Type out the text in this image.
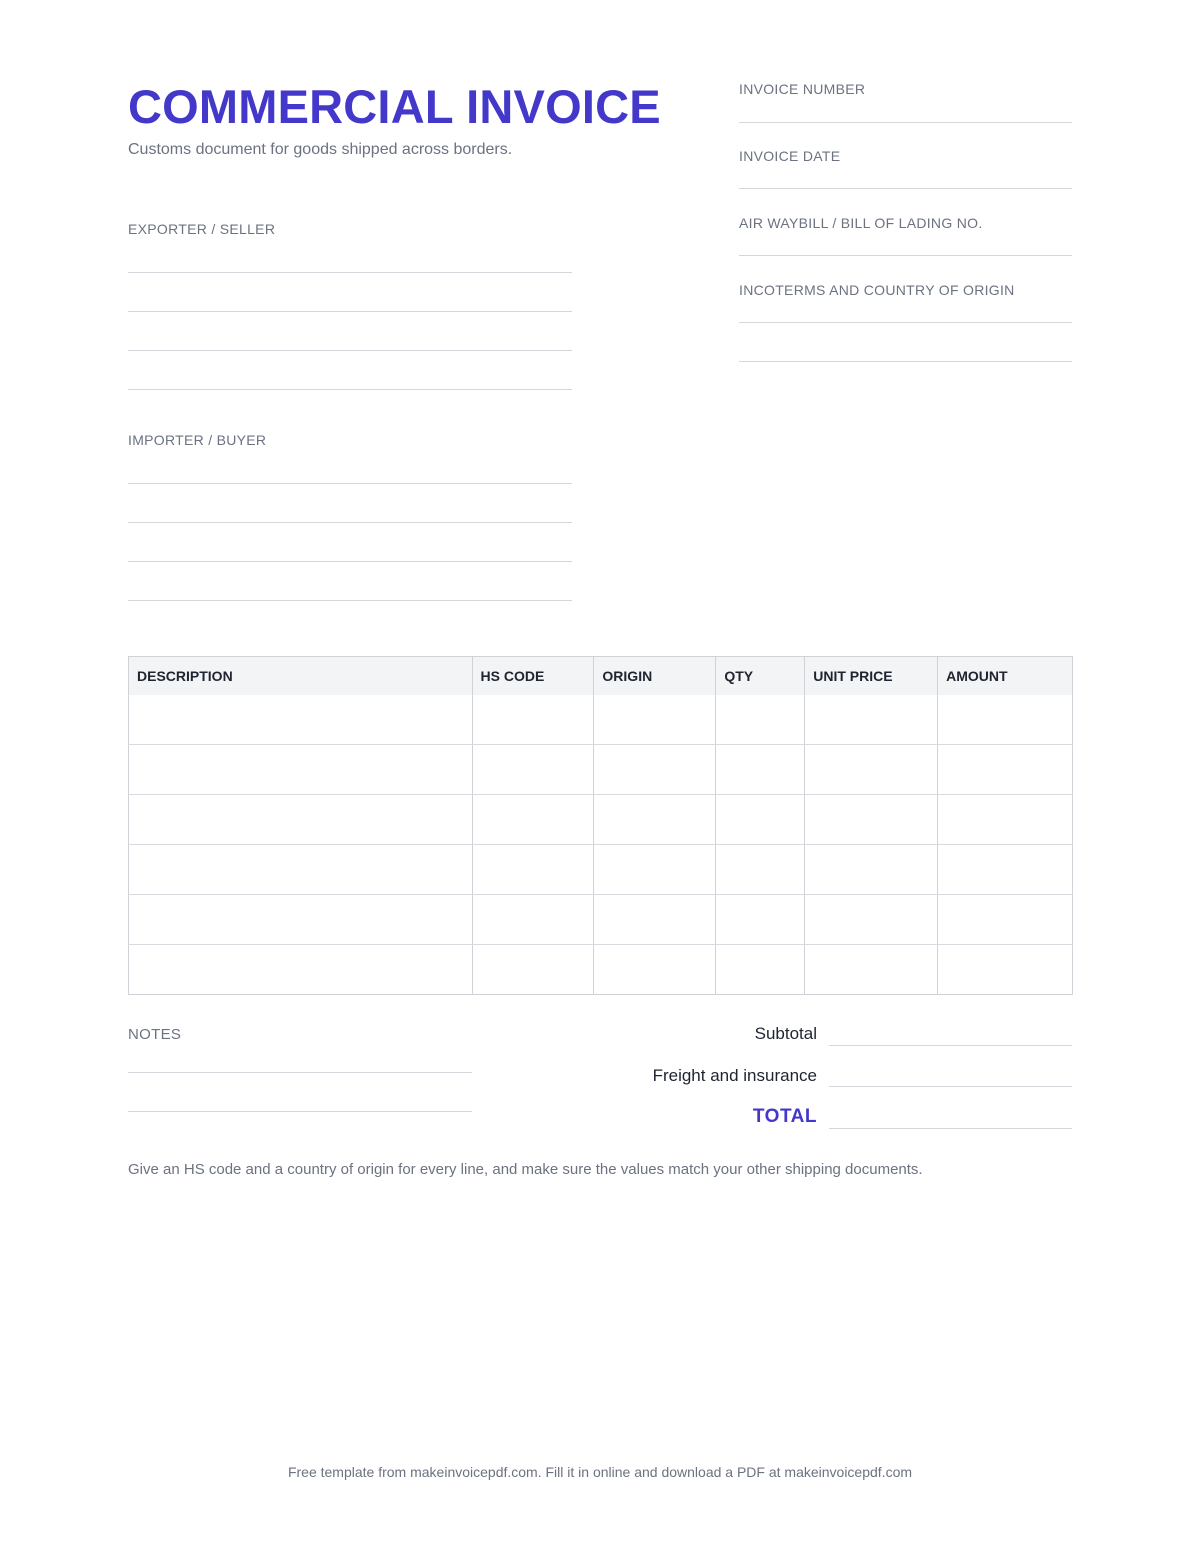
COMMERCIAL INVOICE

Customs document for goods shipped across borders.

INVOICE NUMBER
INVOICE DATE
AIR WAYBILL / BILL OF LADING NO.
INCOTERMS AND COUNTRY OF ORIGIN
EXPORTER / SELLER
IMPORTER / BUYER
DESCRIPTION	HS CODE	ORIGIN	QTY	UNIT PRICE	AMOUNT

NOTES	Subtotal
Freight and insurance
TOTAL
Give an HS code and a country of origin for every line, and make sure the values match your other shipping documents.
Free template from makeinvoicepdf.com. Fill it in online and download a PDF at makeinvoicepdf.com
